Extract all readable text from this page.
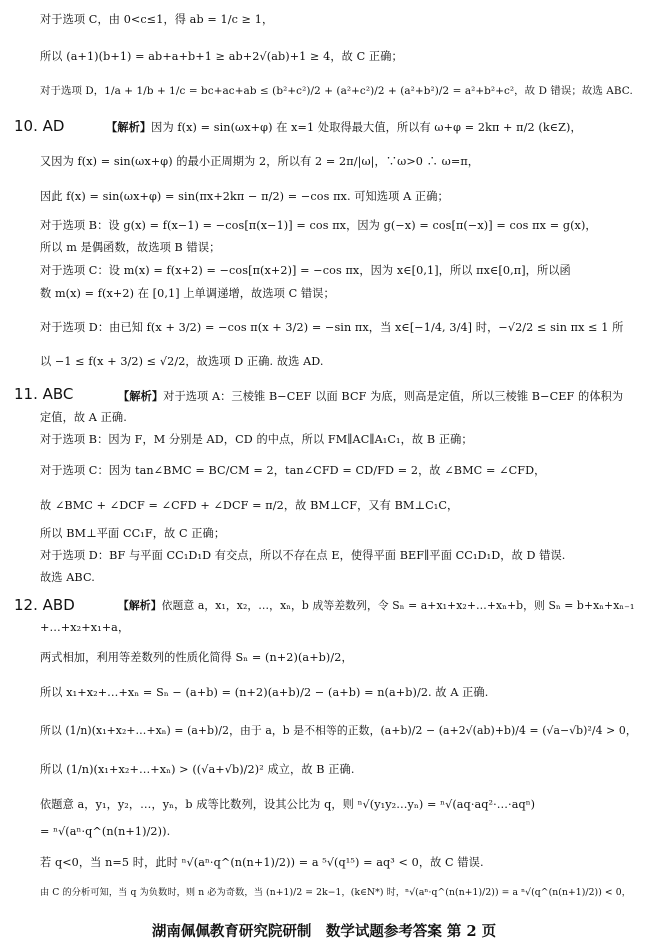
对于选项 C，由 0<c≤1，得 ab = 1/c ≥ 1，
所以 (a+1)(b+1) = ab+a+b+1 ≥ ab+2√(ab)+1 ≥ 4，故 C 正确；
对于选项 D，1/a + 1/b + 1/c = bc+ac+ab ≤ (b²+c²)/2 + (a²+c²)/2 + (a²+b²)/2 = a²+b²+c²，故 D 错误；故选 ABC.
10. AD	【解析】因为 f(x) = sin(ωx+φ) 在 x=1 处取得最大值，所以有 ω+φ = 2kπ + π/2 (k∈Z)，
又因为 f(x) = sin(ωx+φ) 的最小正周期为 2，所以有 2 = 2π/|ω|，∵ω>0 ∴ ω=π，
因此 f(x) = sin(ωx+φ) = sin(πx+2kπ − π/2) = −cos πx. 可知选项 A 正确；
对于选项 B：设 g(x) = f(x−1) = −cos[π(x−1)] = cos πx，因为 g(−x) = cos[π(−x)] = cos πx = g(x)，
所以 m 是偶函数，故选项 B 错误；
对于选项 C：设 m(x) = f(x+2) = −cos[π(x+2)] = −cos πx，因为 x∈[0,1]，所以 πx∈[0,π]，所以函
数 m(x) = f(x+2) 在 [0,1] 上单调递增，故选项 C 错误；
对于选项 D：由已知 f(x + 3/2) = −cos π(x + 3/2) = −sin πx，当 x∈[−1/4, 3/4] 时，−√2/2 ≤ sin πx ≤ 1 所
以 −1 ≤ f(x + 3/2) ≤ √2/2，故选项 D 正确. 故选 AD.
11. ABC	【解析】对于选项 A：三棱锥 B−CEF 以面 BCF 为底，则高是定值，所以三棱锥 B−CEF 的体积为
定值，故 A 正确.
对于选项 B：因为 F，M 分别是 AD，CD 的中点，所以 FM∥AC∥A₁C₁，故 B 正确；
对于选项 C：因为 tan∠BMC = BC/CM = 2，tan∠CFD = CD/FD = 2，故 ∠BMC = ∠CFD，
故 ∠BMC + ∠DCF = ∠CFD + ∠DCF = π/2，故 BM⊥CF，又有 BM⊥C₁C，
所以 BM⊥平面 CC₁F，故 C 正确；
对于选项 D：BF 与平面 CC₁D₁D 有交点，所以不存在点 E，使得平面 BEF∥平面 CC₁D₁D，故 D 错误.
故选 ABC.
12. ABD	【解析】依题意 a，x₁，x₂，…，xₙ，b 成等差数列，令 Sₙ = a+x₁+x₂+…+xₙ+b，则 Sₙ = b+xₙ+xₙ₋₁
+…+x₂+x₁+a，
两式相加，利用等差数列的性质化简得 Sₙ = (n+2)(a+b)/2，
所以 x₁+x₂+…+xₙ = Sₙ − (a+b) = (n+2)(a+b)/2 − (a+b) = n(a+b)/2. 故 A 正确.
所以 (1/n)(x₁+x₂+…+xₙ) = (a+b)/2，由于 a，b 是不相等的正数，(a+b)/2 − (a+2√(ab)+b)/4 = (√a−√b)²/4 > 0，
所以 (1/n)(x₁+x₂+…+xₙ) > ((√a+√b)/2)² 成立，故 B 正确.
依题意 a，y₁，y₂，…，yₙ，b 成等比数列，设其公比为 q，则 ⁿ√(y₁y₂…yₙ) = ⁿ√(aq·aq²·…·aqⁿ)
= ⁿ√(aⁿ·q^(n(n+1)/2)).
若 q<0，当 n=5 时，此时 ⁿ√(aⁿ·q^(n(n+1)/2)) = a ⁵√(q¹⁵) = aq³ < 0，故 C 错误.
由 C 的分析可知，当 q 为负数时，则 n 必为奇数，当 (n+1)/2 = 2k−1，(k∈N*) 时，ⁿ√(aⁿ·q^(n(n+1)/2)) = a ⁿ√(q^(n(n+1)/2)) < 0，
湖南佩佩教育研究院研制　数学试题参考答案 第 2 页
